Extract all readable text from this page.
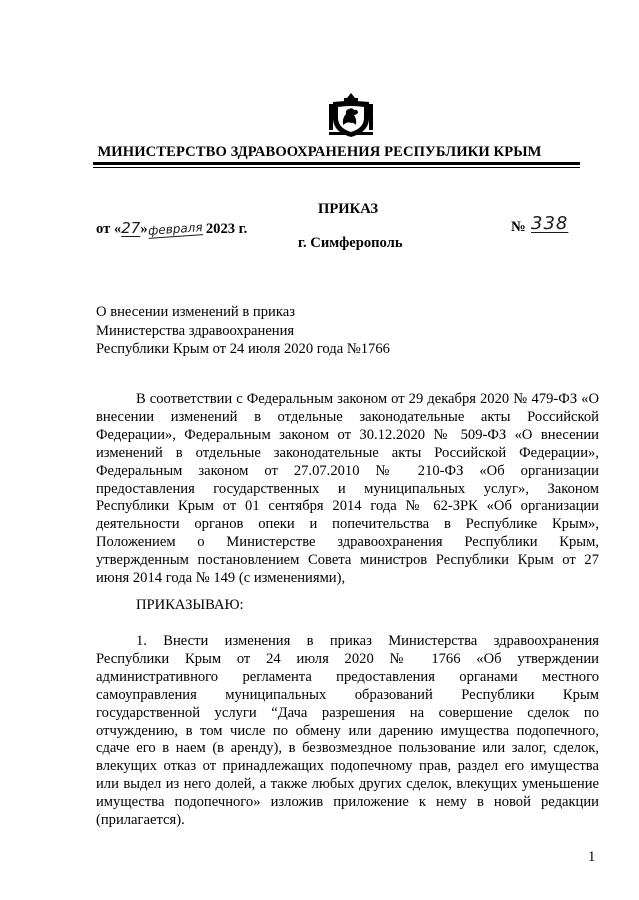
МИНИСТЕРСТВО ЗДРАВООХРАНЕНИЯ РЕСПУБЛИКИ КРЫМ
ПРИКАЗ
от «27»февраля 2023 г.	№ 338
г. Симферополь
О внесении изменений в приказ
Министерства здравоохранения
Республики Крым от 24 июля 2020 года №1766
В соответствии с Федеральным законом от 29 декабря 2020 № 479-ФЗ «О внесении изменений в отдельные законодательные акты Российской Федерации», Федеральным законом от 30.12.2020 № 509-ФЗ «О внесении изменений в отдельные законодательные акты Российской Федерации», Федеральным законом от 27.07.2010 № 210-ФЗ «Об организации предоставления государственных и муниципальных услуг», Законом Республики Крым от 01 сентября 2014 года № 62-ЗРК «Об организации деятельности органов опеки и попечительства в Республике Крым», Положением о Министерстве здравоохранения Республики Крым, утвержденным постановлением Совета министров Республики Крым от 27 июня 2014 года № 149 (с изменениями),
ПРИКАЗЫВАЮ:
1. Внести изменения в приказ Министерства здравоохранения Республики Крым от 24 июля 2020 № 1766 «Об утверждении административного регламента предоставления органами местного самоуправления муниципальных образований Республики Крым государственной услуги “Дача разрешения на совершение сделок по отчуждению, в том числе по обмену или дарению имущества подопечного, сдаче его в наем (в аренду), в безвозмездное пользование или залог, сделок, влекущих отказ от принадлежащих подопечному прав, раздел его имущества или выдел из него долей, а также любых других сделок, влекущих уменьшение имущества подопечного» изложив приложение к нему в новой редакции (прилагается).
1
